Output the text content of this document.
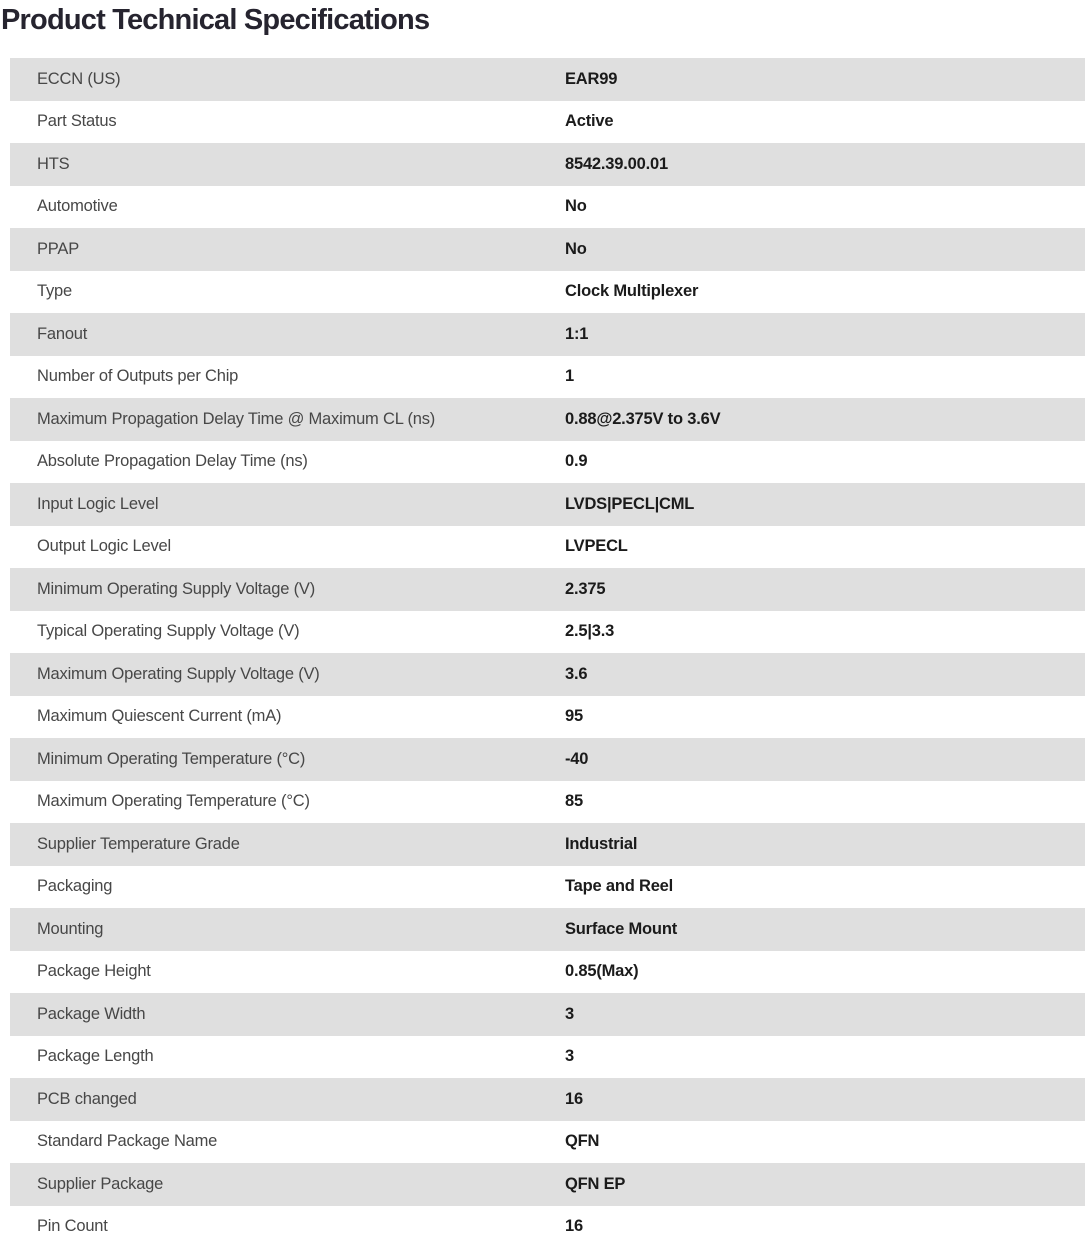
Product Technical Specifications
ECCN (US)	EAR99
Part Status	Active
HTS	8542.39.00.01
Automotive	No
PPAP	No
Type	Clock Multiplexer
Fanout	1:1
Number of Outputs per Chip	1
Maximum Propagation Delay Time @ Maximum CL (ns)	0.88@2.375V to 3.6V
Absolute Propagation Delay Time (ns)	0.9
Input Logic Level	LVDS|PECL|CML
Output Logic Level	LVPECL
Minimum Operating Supply Voltage (V)	2.375
Typical Operating Supply Voltage (V)	2.5|3.3
Maximum Operating Supply Voltage (V)	3.6
Maximum Quiescent Current (mA)	95
Minimum Operating Temperature (°C)	-40
Maximum Operating Temperature (°C)	85
Supplier Temperature Grade	Industrial
Packaging	Tape and Reel
Mounting	Surface Mount
Package Height	0.85(Max)
Package Width	3
Package Length	3
PCB changed	16
Standard Package Name	QFN
Supplier Package	QFN EP
Pin Count	16
